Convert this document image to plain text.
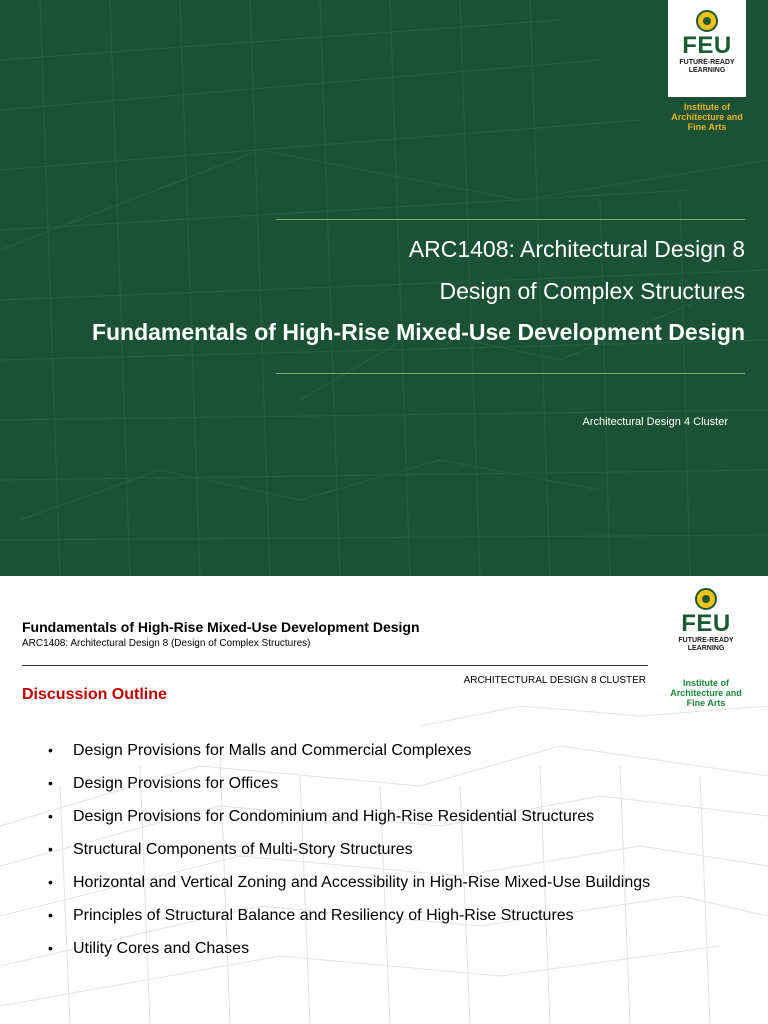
FEU
FUTURE-READY LEARNING
Institute of Architecture and Fine Arts
ARC1408: Architectural Design 8
Design of Complex Structures
Fundamentals of High-Rise Mixed-Use Development Design
Architectural Design 4 Cluster
Fundamentals of High-Rise Mixed-Use Development Design
ARC1408: Architectural Design 8 (Design of Complex Structures)
ARCHITECTURAL DESIGN 8 CLUSTER
Discussion Outline
FEU
FUTURE-READY LEARNING
Institute of Architecture and Fine Arts
•	Design Provisions for Malls and Commercial Complexes
•	Design Provisions for Offices
•	Design Provisions for Condominium and High-Rise Residential Structures
•	Structural Components of Multi-Story Structures
•	Horizontal and Vertical Zoning and Accessibility in High-Rise Mixed-Use Buildings
•	Principles of Structural Balance and Resiliency of High-Rise Structures
•	Utility Cores and Chases
